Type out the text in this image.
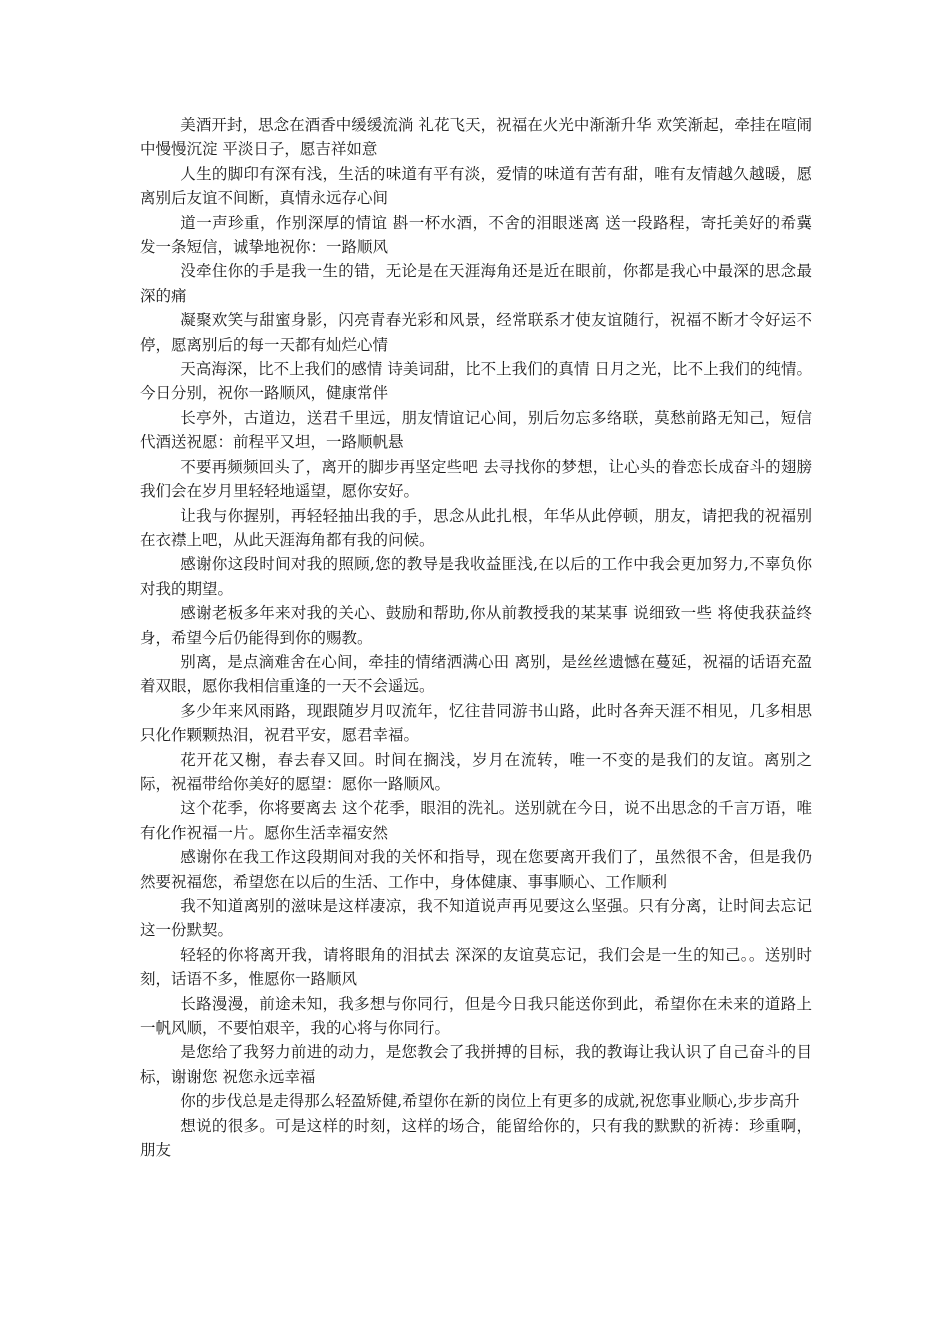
美酒开封，思念在酒香中缓缓流淌 礼花飞天，祝福在火光中渐渐升华 欢笑渐起，牵挂在喧闹中慢慢沉淀 平淡日子，愿吉祥如意

人生的脚印有深有浅，生活的味道有平有淡，爱情的味道有苦有甜，唯有友情越久越暖，愿离别后友谊不间断，真情永远存心间

道一声珍重，作别深厚的情谊 斟一杯水酒，不舍的泪眼迷离 送一段路程，寄托美好的希冀 发一条短信，诚挚地祝你：一路顺风

没牵住你的手是我一生的错，无论是在天涯海角还是近在眼前，你都是我心中最深的思念最深的痛

凝聚欢笑与甜蜜身影，闪亮青春光彩和风景，经常联系才使友谊随行，祝福不断才令好运不停，愿离别后的每一天都有灿烂心情

天高海深，比不上我们的感情 诗美词甜，比不上我们的真情 日月之光，比不上我们的纯情。今日分别，祝你一路顺风，健康常伴

长亭外，古道边，送君千里远，朋友情谊记心间，别后勿忘多络联，莫愁前路无知己，短信代酒送祝愿：前程平又坦，一路顺帆悬

不要再频频回头了，离开的脚步再坚定些吧 去寻找你的梦想，让心头的眷恋长成奋斗的翅膀 我们会在岁月里轻轻地遥望，愿你安好。

让我与你握别，再轻轻抽出我的手，思念从此扎根，年华从此停顿，朋友，请把我的祝福别在衣襟上吧，从此天涯海角都有我的问候。

感谢你这段时间对我的照顾,您的教导是我收益匪浅,在以后的工作中我会更加努力,不辜负你对我的期望。

感谢老板多年来对我的关心、鼓励和帮助,你从前教授我的某某事 说细致一些 将使我获益终身，希望今后仍能得到你的赐教。

别离，是点滴难舍在心间，牵挂的情绪洒满心田 离别，是丝丝遗憾在蔓延，祝福的话语充盈着双眼，愿你我相信重逢的一天不会遥远。

多少年来风雨路，现跟随岁月叹流年，忆往昔同游书山路，此时各奔天涯不相见，几多相思只化作颗颗热泪，祝君平安，愿君幸福。

花开花又榭，春去春又回。时间在搁浅，岁月在流转，唯一不变的是我们的友谊。离别之际，祝福带给你美好的愿望：愿你一路顺风。

这个花季，你将要离去 这个花季，眼泪的洗礼。送别就在今日，说不出思念的千言万语，唯有化作祝福一片。愿你生活幸福安然

感谢你在我工作这段期间对我的关怀和指导，现在您要离开我们了，虽然很不舍，但是我仍然要祝福您，希望您在以后的生活、工作中，身体健康、事事顺心、工作顺利

我不知道离别的滋味是这样凄凉，我不知道说声再见要这么坚强。只有分离，让时间去忘记这一份默契。

轻轻的你将离开我，请将眼角的泪拭去 深深的友谊莫忘记，我们会是一生的知己。。送别时刻，话语不多，惟愿你一路顺风

长路漫漫，前途未知，我多想与你同行，但是今日我只能送你到此，希望你在未来的道路上一帆风顺，不要怕艰辛，我的心将与你同行。

是您给了我努力前进的动力，是您教会了我拼搏的目标，我的教诲让我认识了自己奋斗的目标，谢谢您 祝您永远幸福

你的步伐总是走得那么轻盈矫健,希望你在新的岗位上有更多的成就,祝您事业顺心,步步高升

想说的很多。可是这样的时刻，这样的场合，能留给你的，只有我的默默的祈祷：珍重啊，朋友
